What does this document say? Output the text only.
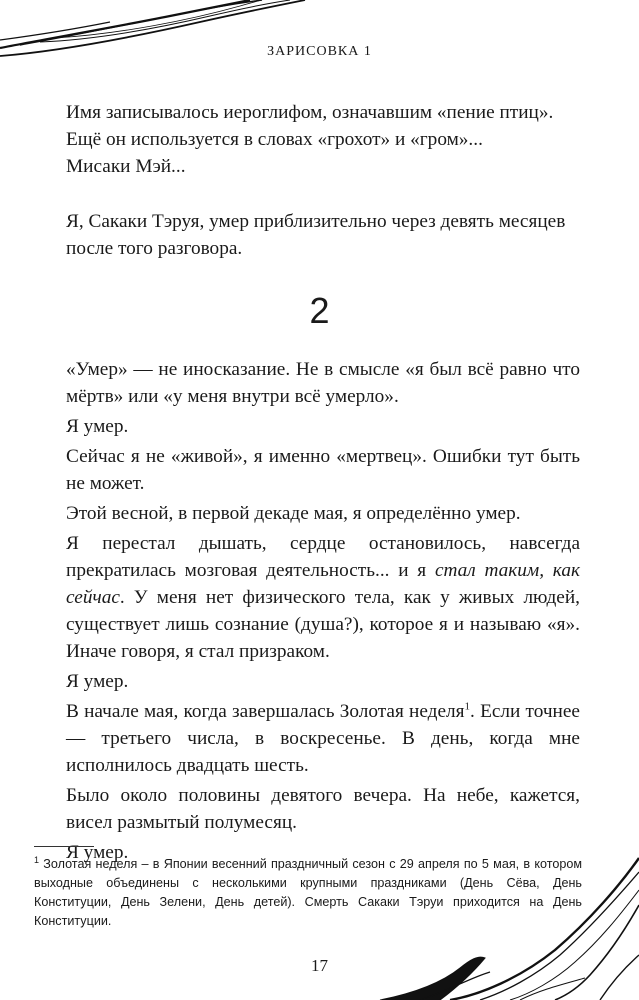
ЗАРИСОВКА 1

Имя записывалось иероглифом, означавшим «пение птиц».
Ещё он используется в словах «грохот» и «гром»...

Мисаки Мэй...

Я, Сакаки Тэруя, умер приблизительно через девять месяцев после того разговора.

2

«Умер» — не иносказание. Не в смысле «я был всё равно что мёртв» или «у меня внутри всё умерло».

Я умер.

Сейчас я не «живой», я именно «мертвец». Ошибки тут быть не может.

Этой весной, в первой декаде мая, я определённо умер.

Я перестал дышать, сердце остановилось, навсегда прекратилась мозговая деятельность... и я стал таким, как сейчас. У меня нет физического тела, как у живых людей, существует лишь сознание (душа?), которое я и называю «я». Иначе говоря, я стал призраком.

Я умер.

В начале мая, когда завершалась Золотая неделя$^1$. Если точнее — третьего числа, в воскресенье. В день, когда мне исполнилось двадцать шесть.

Было около половины девятого вечера. На небе, кажется, висел размытый полумесяц.

Я умер.

$^1$ Золотая неделя – в Японии весенний праздничный сезон с 29 апреля по 5 мая, в котором выходные объединены с несколькими крупными праздниками (День Сёва, День Конституции, День Зелени, День детей). Смерть Сакаки Тэруи приходится на День Конституции.
17
